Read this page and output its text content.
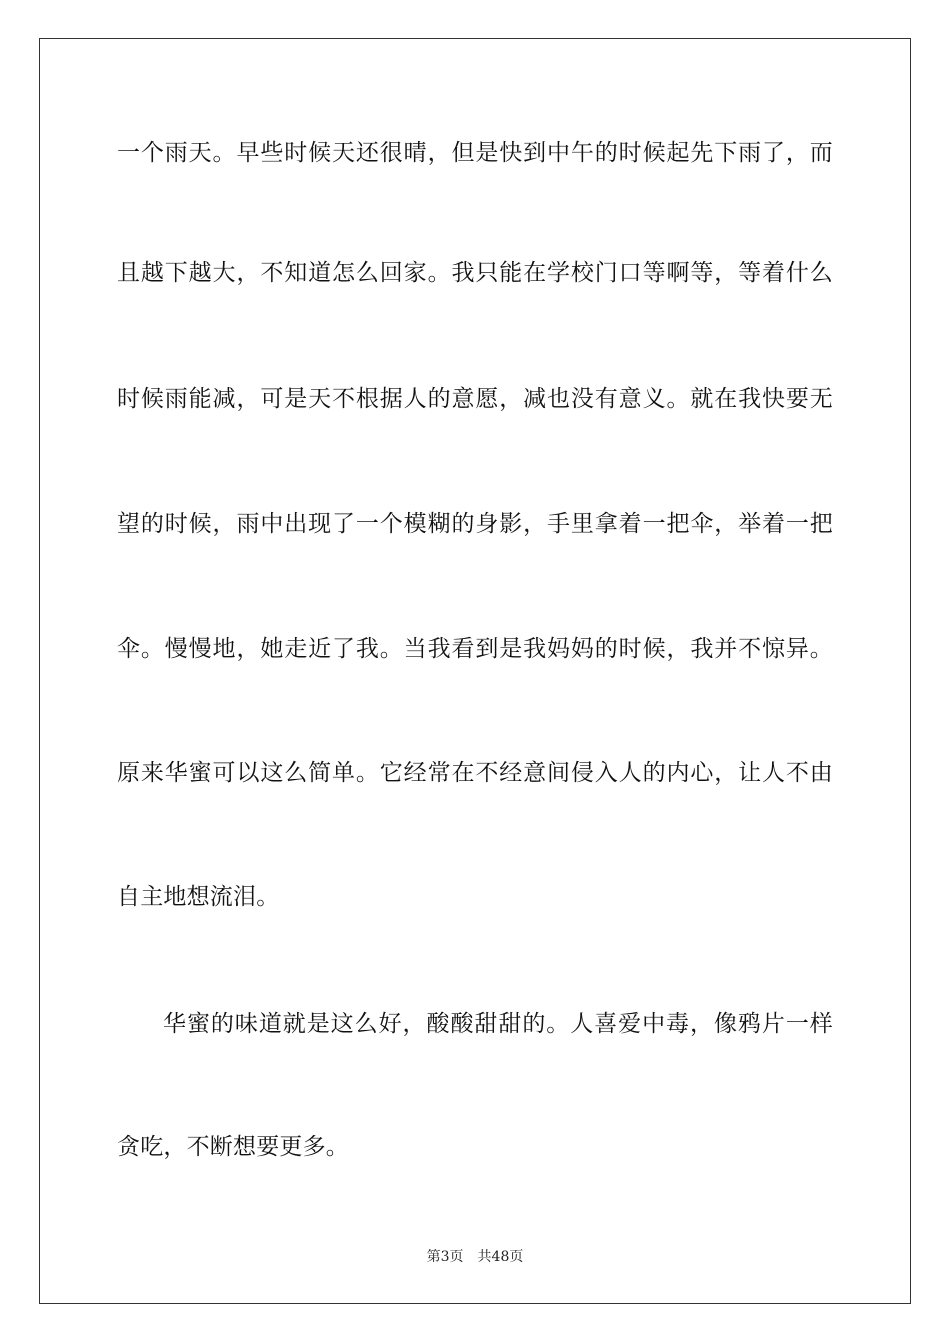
一个雨天。早些时候天还很晴，但是快到中午的时候起先下雨了，而
且越下越大，不知道怎么回家。我只能在学校门口等啊等，等着什么
时候雨能减，可是天不根据人的意愿，减也没有意义。就在我快要无
望的时候，雨中出现了一个模糊的身影，手里拿着一把伞，举着一把
伞。慢慢地，她走近了我。当我看到是我妈妈的时候，我并不惊异。
原来华蜜可以这么简单。它经常在不经意间侵入人的内心，让人不由
自主地想流泪。
华蜜的味道就是这么好，酸酸甜甜的。人喜爱中毒，像鸦片一样
贪吃，不断想要更多。
第3页 共48页
